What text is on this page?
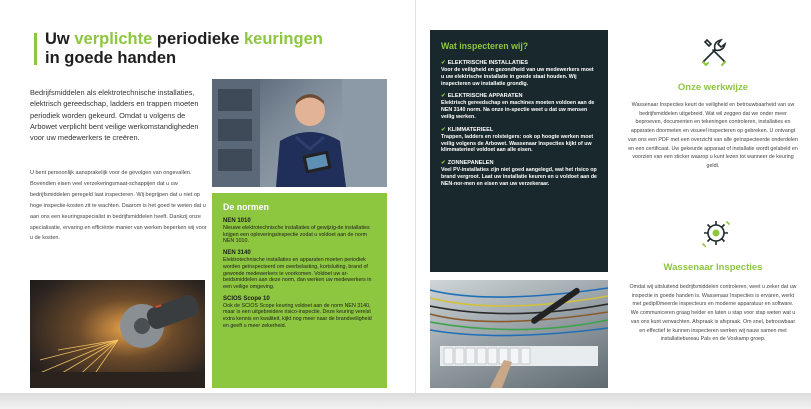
Uw verplichte periodieke keuringen
in goede handen
Bedrijfsmiddelen als elektrotechnische installaties, elektrisch gereedschap, ladders en trappen moeten periodiek worden gekeurd. Omdat u volgens de Arbowet verplicht bent veilige werkomstandigheden voor uw medewerkers te creëren.
U bent persoonlijk aansprakelijk voor de gevolgen van ongevallen. Bovendien eisen veel verzekeringsmaat-schappijen dat u uw bedrijfsmiddelen geregeld laat inspecteren. Wij begrijpen dat u niet op hoge inspectie-kosten zit te wachten. Daarom is het goed te weten dat u aan ons een keuringsspecialist in bedrijfsmiddelen heeft. Dankzij onze specialisatie, ervaring en efficiënte manier van werken beperken wij voor u de kosten.
▬
De normen
NEN 1010
Nieuwe elektrotechnische installaties of gewijzig-de installaties krijgen een opleveringsinspectie zodat u voldoet aan de norm NEN 1010.
NEN 3140
Elektrotechnische installaties en apparaten moeten periodiek worden geïnspecteerd om overbelasting, kortsluiting, brand of gewonde medewerkers te voorkomen. Voldoet uw ar-beidsmiddelen aan deze norm, dan werken uw medewerkers in een veilige omgeving.
SCIOS Scope 10
Ook de SCIOS Scope keuring voldoet aan de norm NEN 3140, maar is een uitgebreidere risico-inspectie. Deze keuring vereist extra kennis en kwaliteit, kijkt nog meer naar de brandveiligheid en geeft u meer zekerheid.
Wat inspecteren wij?
✔ ELEKTRISCHE INSTALLATIES
Voor de veiligheid en gezondheid van uw medewerkers moet u uw elektrische installatie in goede staat houden. Wij inspecteren uw installatie grondig.
✔ ELEKTRISCHE APPARATEN
Elektrisch gereedschap en machines moeten voldoen aan de NEN 3140 norm. Na onze in-spectie weet u dat uw mensen veilig werken.
✔ KLIMMATERIEEL
Trappen, ladders en rolsteigers: ook op hoogte werken moet veilig volgens de Arbowet. Wassenaar Inspecties kijkt of uw klimmaterieel voldoet aan alle eisen.
✔ ZONNEPANELEN
Veel PV-installaties zijn niet goed aangelegd, wat het risico op brand vergroot. Laat uw installatie keuren en u voldoet aan de NEN-nor-men en eisen van uw verzekeraar.
Onze werkwijze
Wassenaar Inspecties keurt de veiligheid en betrouwbaarheid van uw bedrijfsmiddelen uitgebreid. Wat wil zeggen dat we onder meer beproeven, documenten en tekeningen controleren, installaties en apparaten doormeten en visueel inspecteren op gebreken. U ontvangt van ons een PDF met een overzicht van alle geïnspecteerde onderdelen en een certificaat. Uw gekeurde apparaat of installatie wordt gelabeld en voorzien van een sticker waarop u kunt lezen tot wanneer de keuring geldt.
Wassenaar Inspecties
Omdat wij uitsluitend bedrijfsmiddelen controleren, weet u zeker dat uw inspectie in goede handen is. Wassenaar Inspecties is ervaren, werkt met gedipl0meerde inspecteurs en moderne apparatuur en software. We communiceren graag helder en laten u stap voor stap weten wat u van ons kunt verwachten. Afspraak is afspraak. Om snel, betrouwbaar en effectief te kunnen inspecteren werken wij nauw samen met installatiebureau Pals en de Voskamp groep.
